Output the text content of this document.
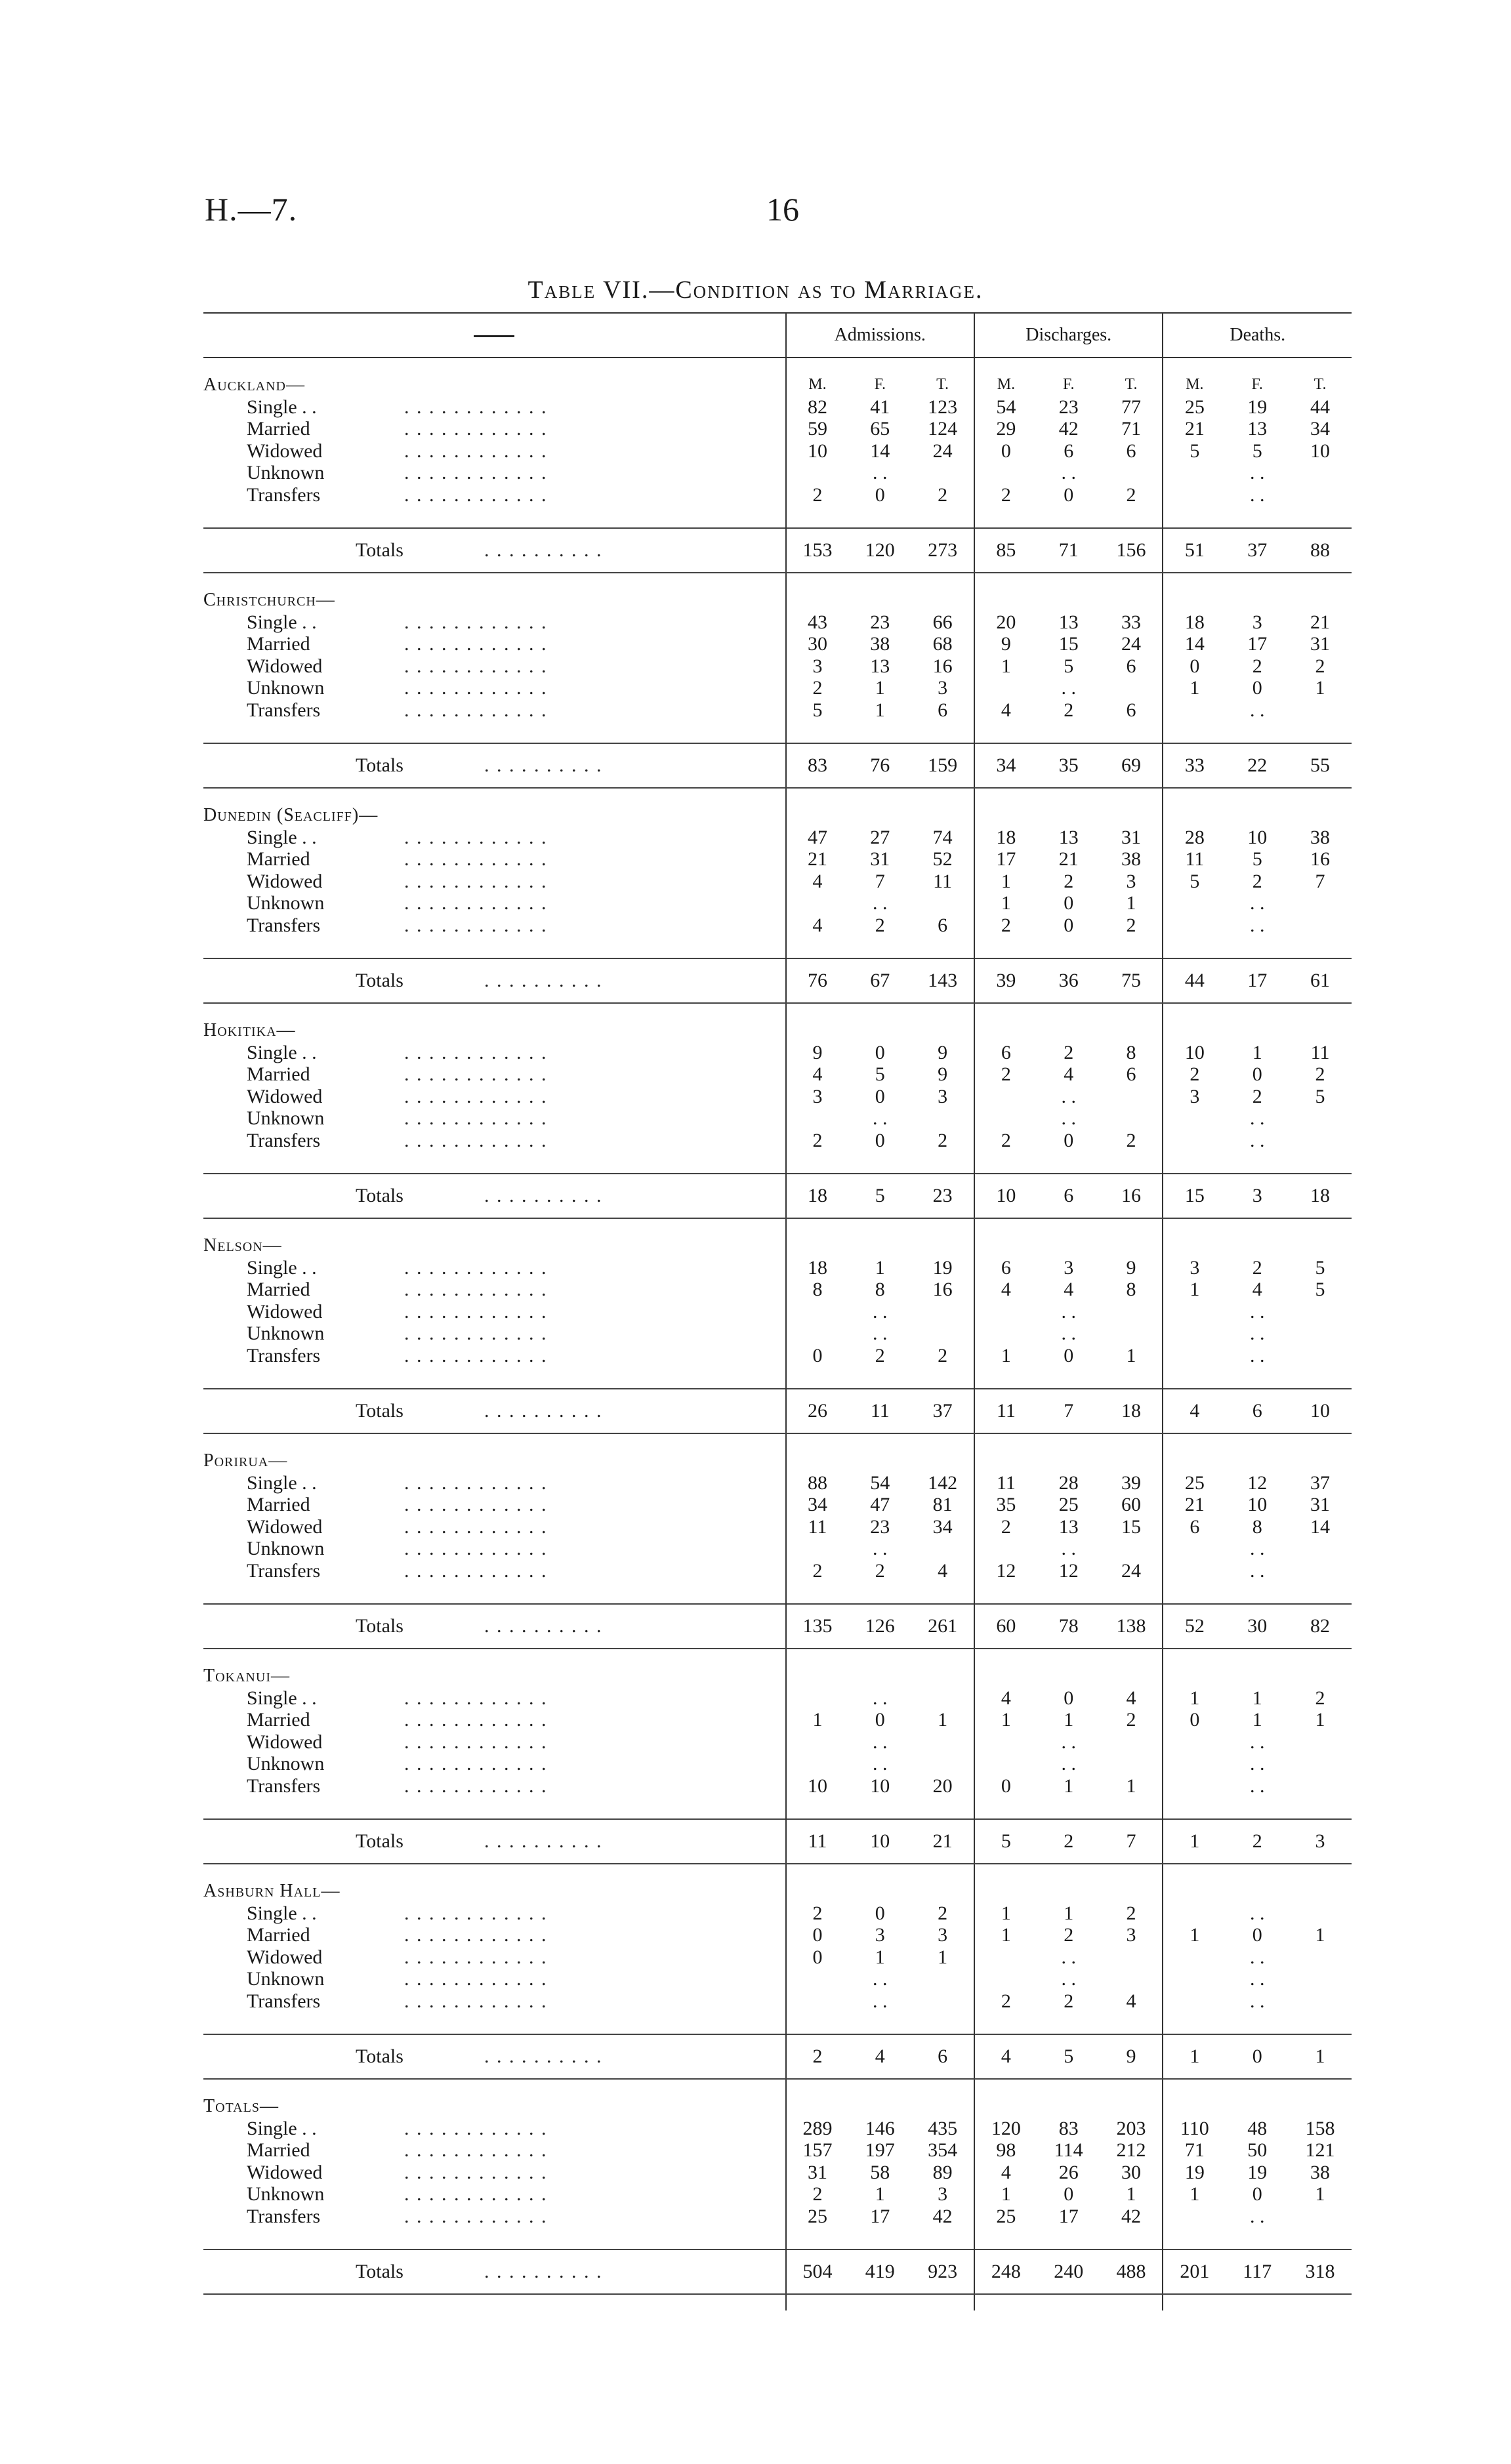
H.—7.	16
Table VII.—Condition as to Marriage.
	Admissions.			Discharges.			Deaths.		

Auckland—	M.	F.	T.	M.	F.	T.	M.	F.	T.
Single . . . . . . . . . . . . . .	82	41	123	54	23	77	25	19	44
Married . . . . . . . . . . . .	59	65	124	29	42	71	21	13	34
Widowed . . . . . . . . . . . .	10	14	24	0	6	6	5	5	10
Unknown . . . . . . . . . . . .		. .			. .			. .	
Transfers . . . . . . . . . . . .	2	0	2	2	0	2		. .	

Totals . . . . . . . . . .	153	120	273	85	71	156	51	37	88

Christchurch—									
Single . . . . . . . . . . . . . .	43	23	66	20	13	33	18	3	21
Married . . . . . . . . . . . .	30	38	68	9	15	24	14	17	31
Widowed . . . . . . . . . . . .	3	13	16	1	5	6	0	2	2
Unknown . . . . . . . . . . . .	2	1	3		. .		1	0	1
Transfers . . . . . . . . . . . .	5	1	6	4	2	6		. .	

Totals . . . . . . . . . .	83	76	159	34	35	69	33	22	55

Dunedin (Seacliff)—									
Single . . . . . . . . . . . . . .	47	27	74	18	13	31	28	10	38
Married . . . . . . . . . . . .	21	31	52	17	21	38	11	5	16
Widowed . . . . . . . . . . . .	4	7	11	1	2	3	5	2	7
Unknown . . . . . . . . . . . .		. .		1	0	1		. .	
Transfers . . . . . . . . . . . .	4	2	6	2	0	2		. .	

Totals . . . . . . . . . .	76	67	143	39	36	75	44	17	61

Hokitika—									
Single . . . . . . . . . . . . . .	9	0	9	6	2	8	10	1	11
Married . . . . . . . . . . . .	4	5	9	2	4	6	2	0	2
Widowed . . . . . . . . . . . .	3	0	3		. .		3	2	5
Unknown . . . . . . . . . . . .		. .			. .			. .	
Transfers . . . . . . . . . . . .	2	0	2	2	0	2		. .	

Totals . . . . . . . . . .	18	5	23	10	6	16	15	3	18

Nelson—									
Single . . . . . . . . . . . . . .	18	1	19	6	3	9	3	2	5
Married . . . . . . . . . . . .	8	8	16	4	4	8	1	4	5
Widowed . . . . . . . . . . . .		. .			. .			. .	
Unknown . . . . . . . . . . . .		. .			. .			. .	
Transfers . . . . . . . . . . . .	0	2	2	1	0	1		. .	

Totals . . . . . . . . . .	26	11	37	11	7	18	4	6	10

Porirua—									
Single . . . . . . . . . . . . . .	88	54	142	11	28	39	25	12	37
Married . . . . . . . . . . . .	34	47	81	35	25	60	21	10	31
Widowed . . . . . . . . . . . .	11	23	34	2	13	15	6	8	14
Unknown . . . . . . . . . . . .		. .			. .			. .	
Transfers . . . . . . . . . . . .	2	2	4	12	12	24		. .	

Totals . . . . . . . . . .	135	126	261	60	78	138	52	30	82

Tokanui—									
Single . . . . . . . . . . . . . .		. .		4	0	4	1	1	2
Married . . . . . . . . . . . .	1	0	1	1	1	2	0	1	1
Widowed . . . . . . . . . . . .		. .			. .			. .	
Unknown . . . . . . . . . . . .		. .			. .			. .	
Transfers . . . . . . . . . . . .	10	10	20	0	1	1		. .	

Totals . . . . . . . . . .	11	10	21	5	2	7	1	2	3

Ashburn Hall—									
Single . . . . . . . . . . . . . .	2	0	2	1	1	2		. .	
Married . . . . . . . . . . . .	0	3	3	1	2	3	1	0	1
Widowed . . . . . . . . . . . .	0	1	1		. .			. .	
Unknown . . . . . . . . . . . .		. .			. .			. .	
Transfers . . . . . . . . . . . .		. .		2	2	4		. .	

Totals . . . . . . . . . .	2	4	6	4	5	9	1	0	1

Totals—									
Single . . . . . . . . . . . . . .	289	146	435	120	83	203	110	48	158
Married . . . . . . . . . . . .	157	197	354	98	114	212	71	50	121
Widowed . . . . . . . . . . . .	31	58	89	4	26	30	19	19	38
Unknown . . . . . . . . . . . .	2	1	3	1	0	1	1	0	1
Transfers . . . . . . . . . . . .	25	17	42	25	17	42		. .	

Totals . . . . . . . . . .	504	419	923	248	240	488	201	117	318
